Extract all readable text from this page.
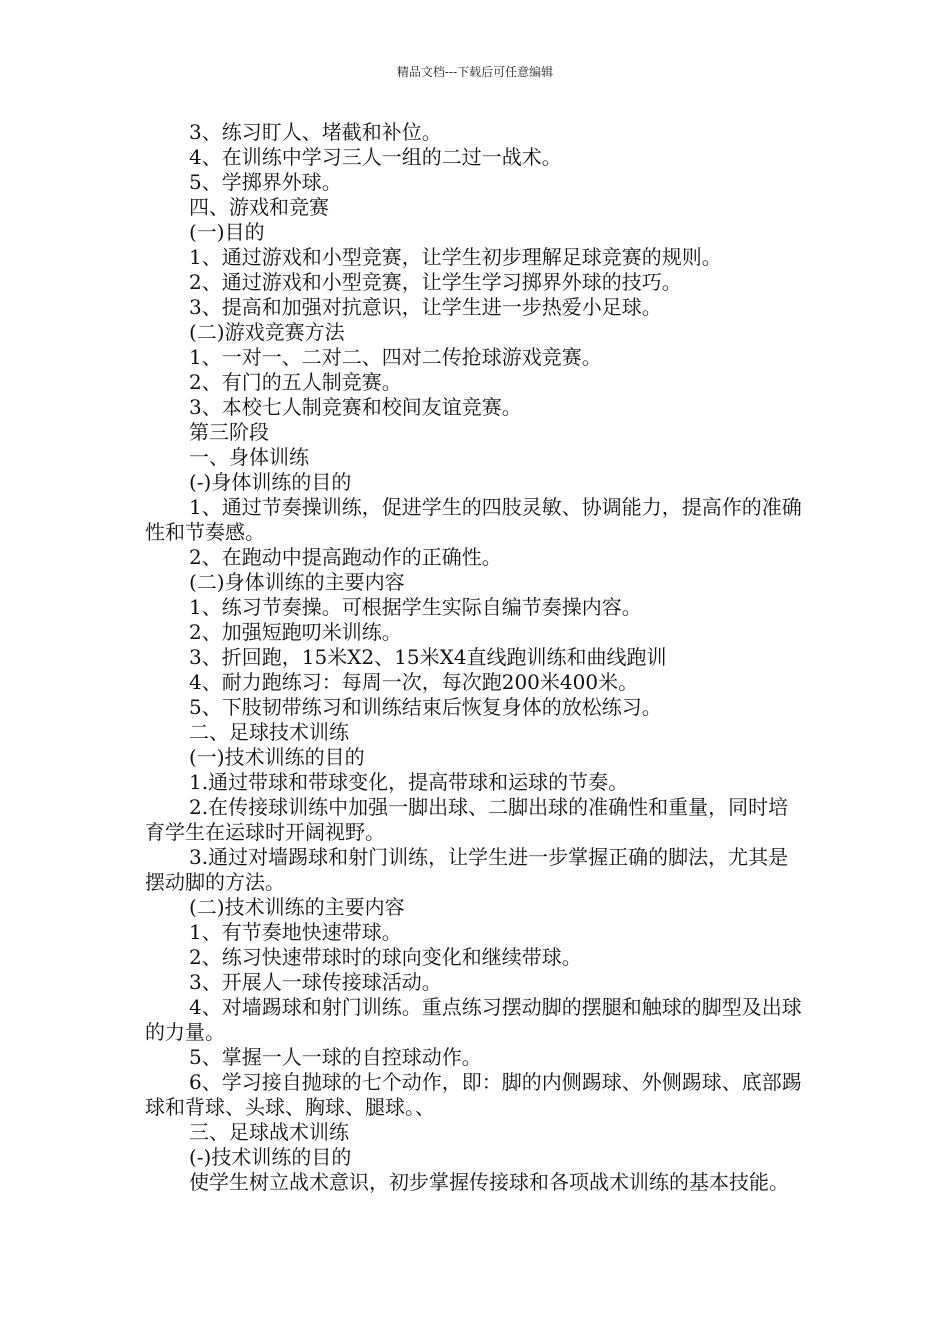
精品文档---下载后可任意编辑

3、练习盯人、堵截和补位。

4、在训练中学习三人一组的二过一战术。

5、学掷界外球。

四、游戏和竞赛

(一)目的

1、通过游戏和小型竞赛，让学生初步理解足球竞赛的规则。

2、通过游戏和小型竞赛，让学生学习掷界外球的技巧。

3、提高和加强对抗意识，让学生进一步热爱小足球。

(二)游戏竞赛方法

1、一对一、二对二、四对二传抢球游戏竞赛。

2、有门的五人制竞赛。

3、本校七人制竞赛和校间友谊竞赛。

第三阶段

一、身体训练

(-)身体训练的目的

1、通过节奏操训练，促进学生的四肢灵敏、协调能力，提高作的准确性和节奏感。

2、在跑动中提高跑动作的正确性。

(二)身体训练的主要内容

1、练习节奏操。可根据学生实际自编节奏操内容。

2、加强短跑叨米训练。

3、折回跑，15米X2、15米X4直线跑训练和曲线跑训

4、耐力跑练习：每周一次，每次跑200米400米。

5、下肢韧带练习和训练结束后恢复身体的放松练习。

二、足球技术训练

(一)技术训练的目的

1.通过带球和带球变化，提高带球和运球的节奏。

2.在传接球训练中加强一脚出球、二脚出球的准确性和重量，同时培育学生在运球时开阔视野。

3.通过对墙踢球和射门训练，让学生进一步掌握正确的脚法，尤其是摆动脚的方法。

(二)技术训练的主要内容

1、有节奏地快速带球。

2、练习快速带球时的球向变化和继续带球。

3、开展人一球传接球活动。

4、对墙踢球和射门训练。重点练习摆动脚的摆腿和触球的脚型及出球的力量。

5、掌握一人一球的自控球动作。

6、学习接自抛球的七个动作，即：脚的内侧踢球、外侧踢球、底部踢球和背球、头球、胸球、腿球。、

三、足球战术训练

(-)技术训练的目的

使学生树立战术意识，初步掌握传接球和各项战术训练的基本技能。
